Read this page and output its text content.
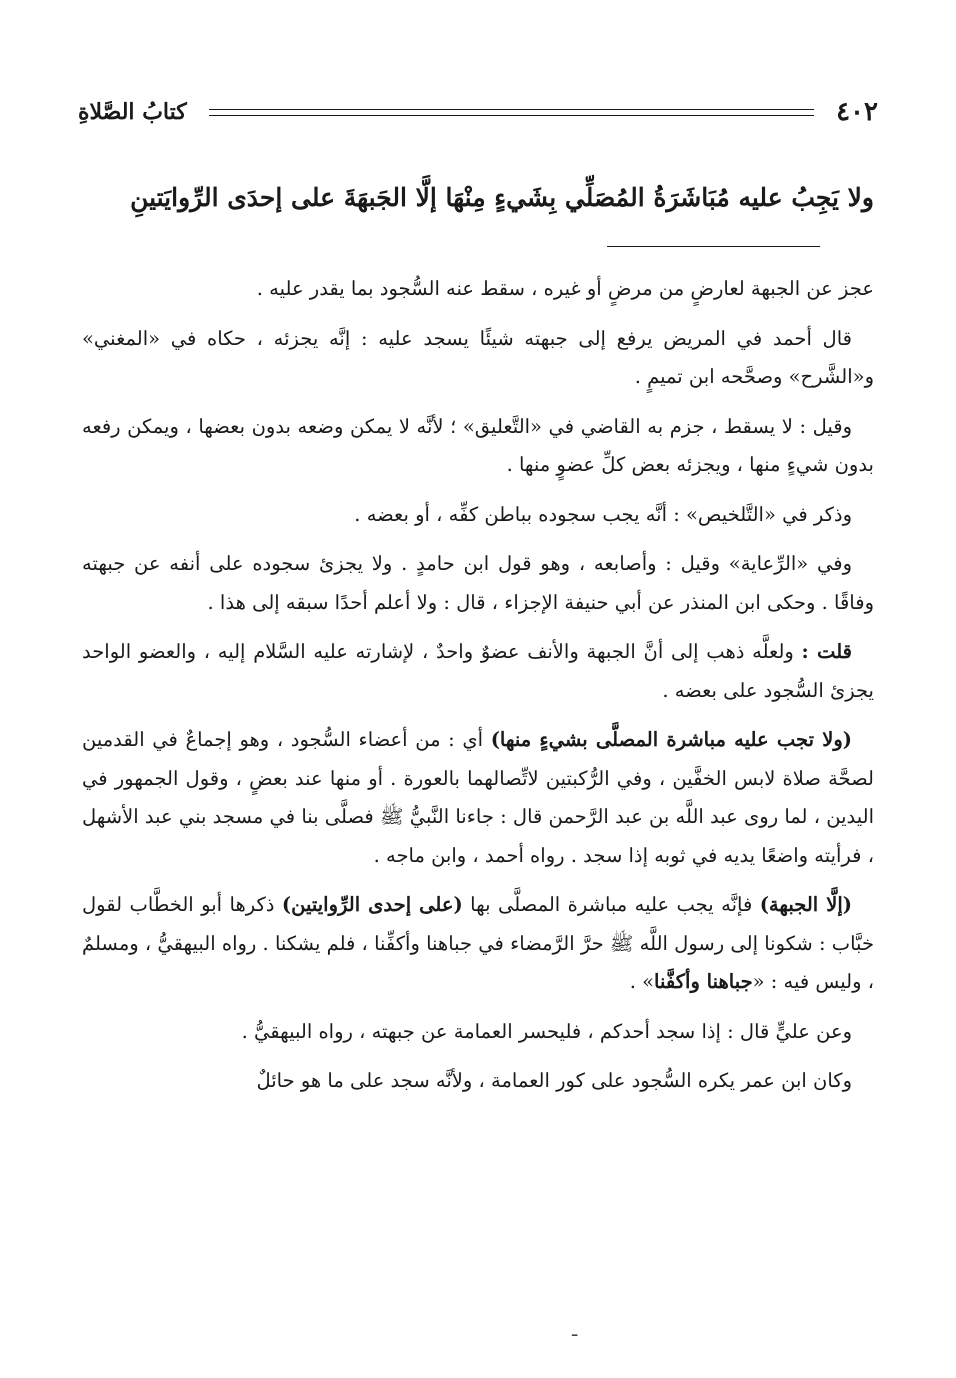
٤٠٢
كتابُ الصَّلاةِ
ولا يَجِبُ عليه مُبَاشَرَةُ المُصَلِّي بِشَيءٍ مِنْهَا إلَّا الجَبهَةَ على إحدَى الرِّوايَتينِ

عجز عن الجبهة لعارضٍ من مرضٍ أو غيره ، سقط عنه السُّجود بما يقدر عليه .

قال أحمد في المريض يرفع إلى جبهته شيئًا يسجد عليه : إنَّه يجزئه ، حكاه في «المغني» و«الشَّرح» وصحَّحه ابن تميمٍ .

وقيل : لا يسقط ، جزم به القاضي في «التَّعليق» ؛ لأنَّه لا يمكن وضعه بدون بعضها ، ويمكن رفعه بدون شيءٍ منها ، ويجزئه بعض كلِّ عضوٍ منها .

وذكر في «التَّلخيص» : أنَّه يجب سجوده بباطن كفِّه ، أو بعضه .

وفي «الرِّعاية» وقيل : وأصابعه ، وهو قول ابن حامدٍ . ولا يجزئ سجوده على أنفه عن جبهته وفاقًا . وحكى ابن المنذر عن أبي حنيفة الإجزاء ، قال : ولا أعلم أحدًا سبقه إلى هذا .

قلت : ولعلَّه ذهب إلى أنَّ الجبهة والأنف عضوٌ واحدٌ ، لإشارته عليه السَّلام إليه ، والعضو الواحد يجزئ السُّجود على بعضه .

(ولا تجب عليه مباشرة المصلَّى بشيءٍ منها) أي : من أعضاء السُّجود ، وهو إجماعٌ في القدمين لصحَّة صلاة لابس الخفَّين ، وفي الرُّكبتين لاتِّصالهما بالعورة . أو منها عند بعضٍ ، وقول الجمهور في اليدين ، لما روى عبد اللَّه بن عبد الرَّحمن قال : جاءنا النَّبيُّ ﷺ فصلَّى بنا في مسجد بني عبد الأشهل ، فرأيته واضعًا يديه في ثوبه إذا سجد . رواه أحمد ، وابن ماجه .

(إلَّا الجبهة) فإنَّه يجب عليه مباشرة المصلَّى بها (على إحدى الرِّوايتين) ذكرها أبو الخطَّاب لقول خبَّاب : شكونا إلى رسول اللَّه ﷺ حرَّ الرَّمضاء في جباهنا وأكفِّنا ، فلم يشكنا . رواه البيهقيُّ ، ومسلمٌ ، وليس فيه : «جباهنا وأكفَّنا» .

وعن عليٍّ قال : إذا سجد أحدكم ، فليحسر العمامة عن جبهته ، رواه البيهقيُّ .

وكان ابن عمر يكره السُّجود على كور العمامة ، ولأنَّه سجد على ما هو حائلٌ

ـ
